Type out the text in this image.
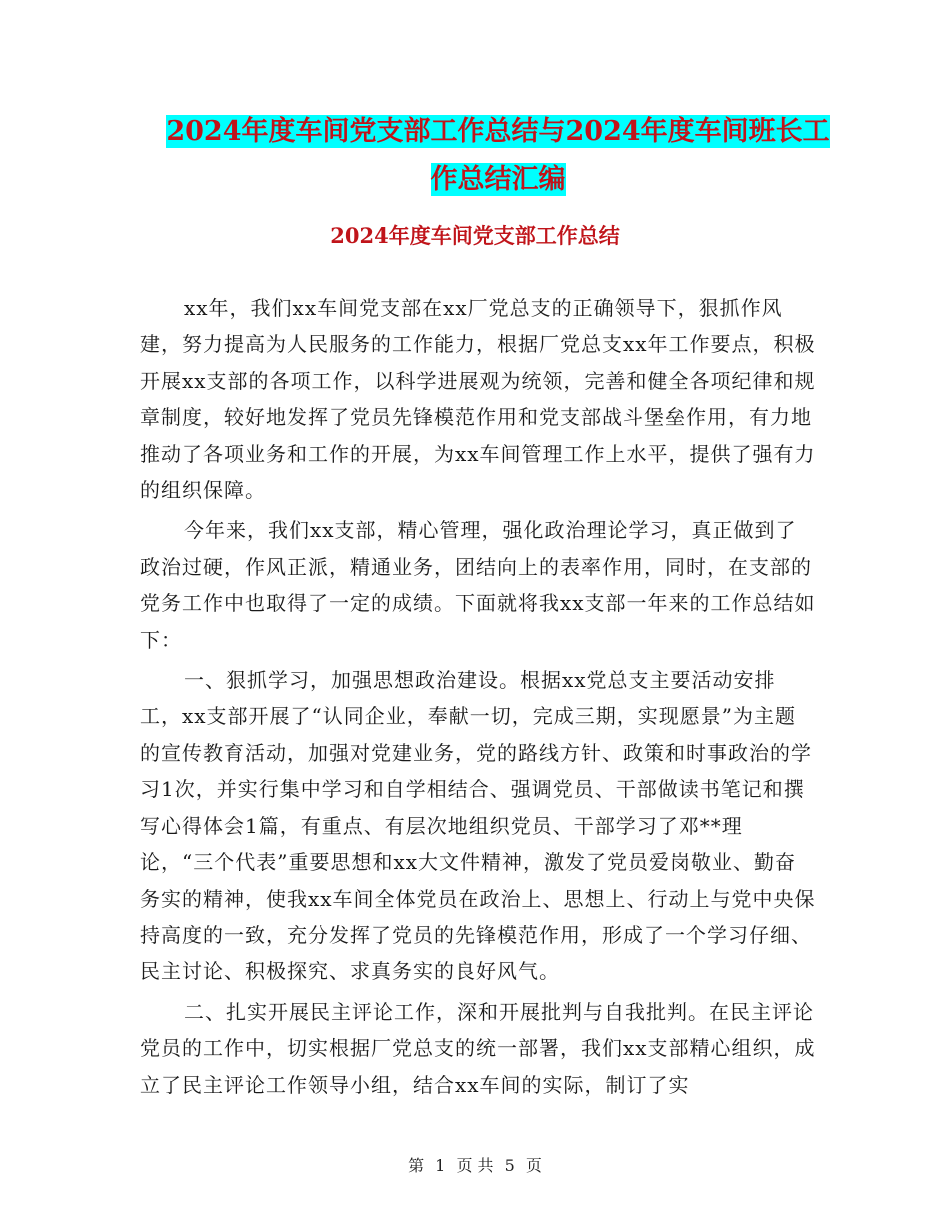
2024年度车间党支部工作总结与2024年度车间班长工
作总结汇编
2024年度车间党支部工作总结

xx年，我们xx车间党支部在xx厂党总支的正确领导下，狠抓作风建，努力提高为人民服务的工作能力，根据厂党总支xx年工作要点，积极开展xx支部的各项工作，以科学进展观为统领，完善和健全各项纪律和规章制度，较好地发挥了党员先锋模范作用和党支部战斗堡垒作用，有力地推动了各项业务和工作的开展，为xx车间管理工作上水平，提供了强有力的组织保障。

今年来，我们xx支部，精心管理，强化政治理论学习，真正做到了政治过硬，作风正派，精通业务，团结向上的表率作用，同时，在支部的党务工作中也取得了一定的成绩。下面就将我xx支部一年来的工作总结如下：

一、狠抓学习，加强思想政治建设。根据xx党总支主要活动安排工，xx支部开展了“认同企业，奉献一切，完成三期，实现愿景”为主题的宣传教育活动，加强对党建业务，党的路线方针、政策和时事政治的学习1次，并实行集中学习和自学相结合、强调党员、干部做读书笔记和撰写心得体会1篇，有重点、有层次地组织党员、干部学习了邓**理论，“三个代表”重要思想和xx大文件精神，激发了党员爱岗敬业、勤奋务实的精神，使我xx车间全体党员在政治上、思想上、行动上与党中央保持高度的一致，充分发挥了党员的先锋模范作用，形成了一个学习仔细、民主讨论、积极探究、求真务实的良好风气。

二、扎实开展民主评论工作，深和开展批判与自我批判。在民主评论党员的工作中，切实根据厂党总支的统一部署，我们xx支部精心组织，成立了民主评论工作领导小组，结合xx车间的实际，制订了实

第 1 页 共 5 页
